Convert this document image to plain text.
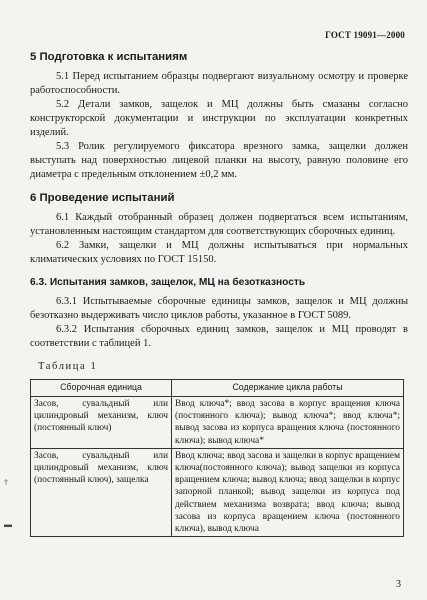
ГОСТ 19091—2000
†
▬
5 Подготовка к испытаниям

5.1 Перед испытанием образцы подвергают визуальному осмотру и проверке работоспособности.

5.2 Детали замков, защелок и МЦ должны быть смазаны согласно конструкторской документации и инструкции по эксплуатации конкретных изделий.

5.3 Ролик регулируемого фиксатора врезного замка, защелки должен выступать над поверхностью лицевой планки на высоту, равную половине его диаметра с предельным отклонением ±0,2 мм.

6 Проведение испытаний

6.1 Каждый отобранный образец должен подвергаться всем испытаниям, установленным настоящим стандартом для соответствующих сборочных единиц.

6.2 Замки, защелки и МЦ должны испытываться при нормальных климатических условиях по ГОСТ 15150.

6.3. Испытания замков, защелок, МЦ на безотказность

6.3.1 Испытываемые сборочные единицы замков, защелок и МЦ должны безотказно выдерживать число циклов работы, указанное в ГОСТ 5089.

6.3.2 Испытания сборочных единиц замков, защелок и МЦ проводят в соответствии с таблицей 1.

Таблица 1
Сборочная единица	Содержание цикла работы
Засов, сувальдный или цилиндровый механизм, ключ (постоянный ключ)	Ввод ключа*; ввод засова в корпус вращения ключа (постоянного ключа); вывод ключа*; ввод ключа*; вывод засова из корпуса вращения ключа (постоянного ключа); вывод ключа*
Засов, сувальдный или цилиндровый механизм, ключ (постоянный ключ), защелка	Ввод ключа; ввод засова и защелки в корпус вращением ключа(постоянного ключа); вывод защелки из корпуса вращением ключа; вывод ключа; ввод защелки в корпус запорной планкой; вывод защелки из корпуса под действием механизма возврата; ввод ключа; вывод засова из корпуса вращением ключа (постоянного ключа), вывод ключа
3
